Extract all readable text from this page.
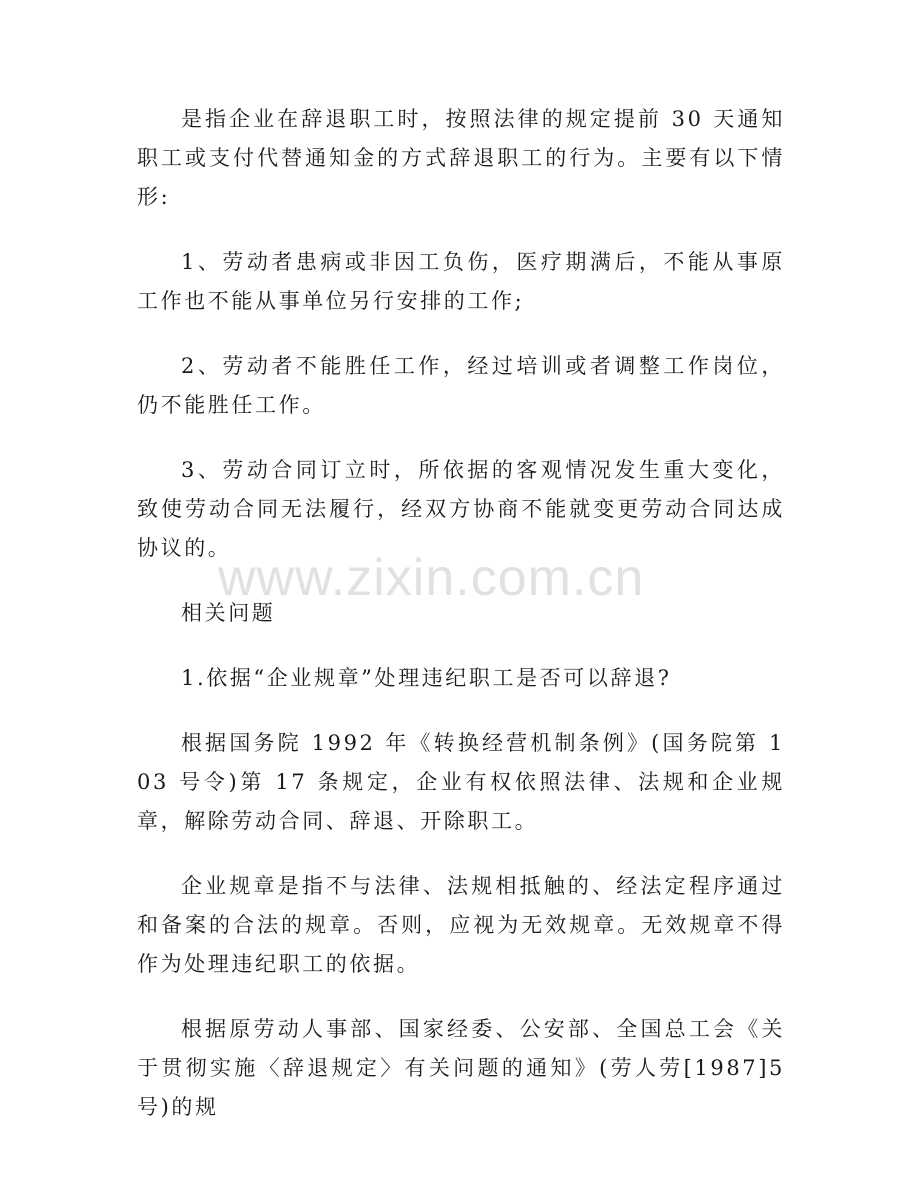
是指企业在辞退职工时，按照法律的规定提前 30 天通知职工或支付代替通知金的方式辞退职工的行为。主要有以下情形:

1、劳动者患病或非因工负伤，医疗期满后，不能从事原工作也不能从事单位另行安排的工作;

2、劳动者不能胜任工作，经过培训或者调整工作岗位，仍不能胜任工作。

3、劳动合同订立时，所依据的客观情况发生重大变化，致使劳动合同无法履行，经双方协商不能就变更劳动合同达成协议的。

相关问题

1.依据“企业规章”处理违纪职工是否可以辞退?

根据国务院 1992 年《转换经营机制条例》(国务院第 103 号令)第 17 条规定，企业有权依照法律、法规和企业规章，解除劳动合同、辞退、开除职工。

企业规章是指不与法律、法规相抵触的、经法定程序通过和备案的合法的规章。否则，应视为无效规章。无效规章不得作为处理违纪职工的依据。

根据原劳动人事部、国家经委、公安部、全国总工会《关于贯彻实施〈辞退规定〉有关问题的通知》(劳人劳[1987]5 号)的规

www.zixin.com.cn
